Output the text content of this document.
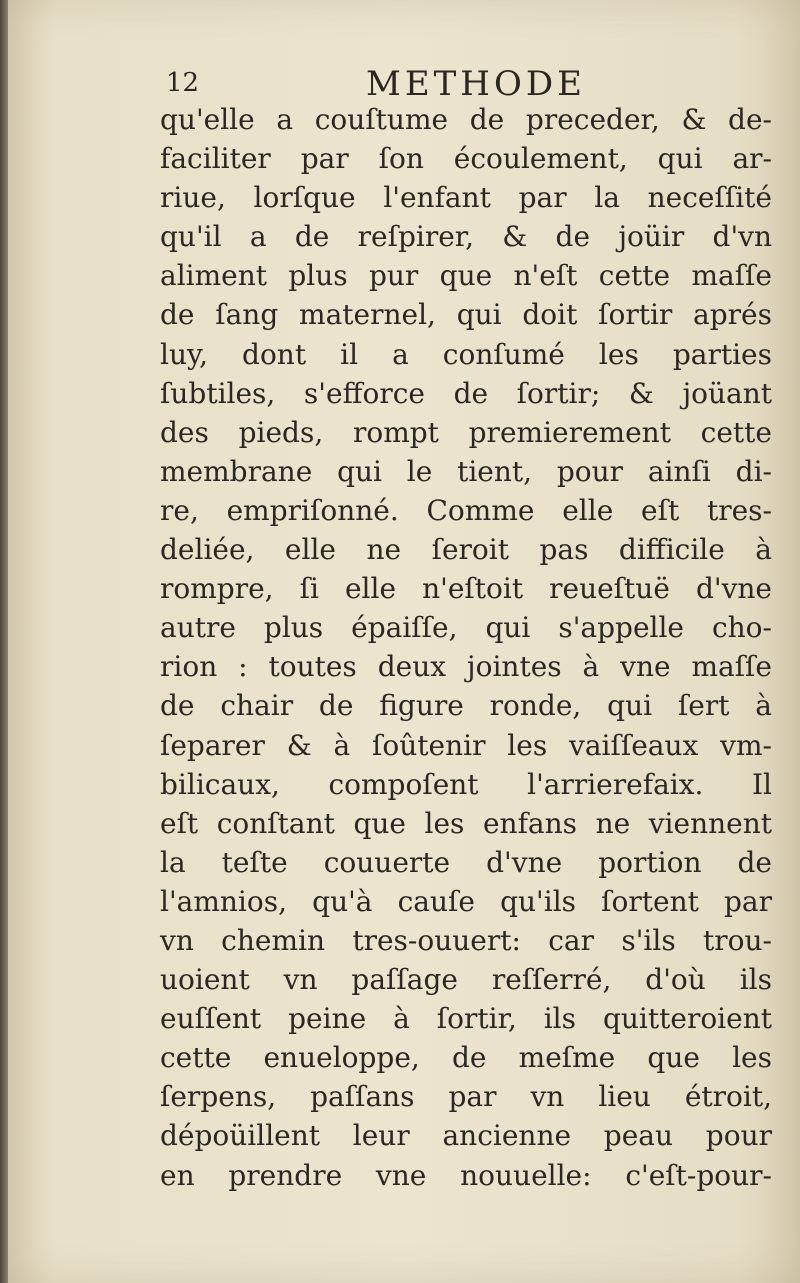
12	METHODE
qu'elle a couſtume de preceder, & de-
faciliter par ſon écoulement, qui ar-
riue, lorſque l'enfant par la neceſſité
qu'il a de reſpirer, & de joüir d'vn
aliment plus pur que n'eſt cette maſſe
de ſang maternel, qui doit ſortir aprés
luy, dont il a conſumé les parties
ſubtiles, s'efforce de ſortir; & joüant
des pieds, rompt premierement cette
membrane qui le tient, pour ainſi di-
re, empriſonné. Comme elle eſt tres-
deliée, elle ne ſeroit pas difficile à
rompre, ſi elle n'eſtoit reueſtuë d'vne
autre plus épaiſſe, qui s'appelle cho-
rion : toutes deux jointes à vne maſſe
de chair de figure ronde, qui ſert à
ſeparer & à ſoûtenir les vaiſſeaux vm-
bilicaux, compoſent l'arrierefaix. Il
eſt conſtant que les enfans ne viennent
la teſte couuerte d'vne portion de
l'amnios, qu'à cauſe qu'ils ſortent par
vn chemin tres-ouuert: car s'ils trou-
uoient vn paſſage reſſerré, d'où ils
euſſent peine à ſortir, ils quitteroient
cette enueloppe, de meſme que les
ſerpens, paſſans par vn lieu étroit,
dépoüillent leur ancienne peau pour
en prendre vne nouuelle: c'eſt-pour-
